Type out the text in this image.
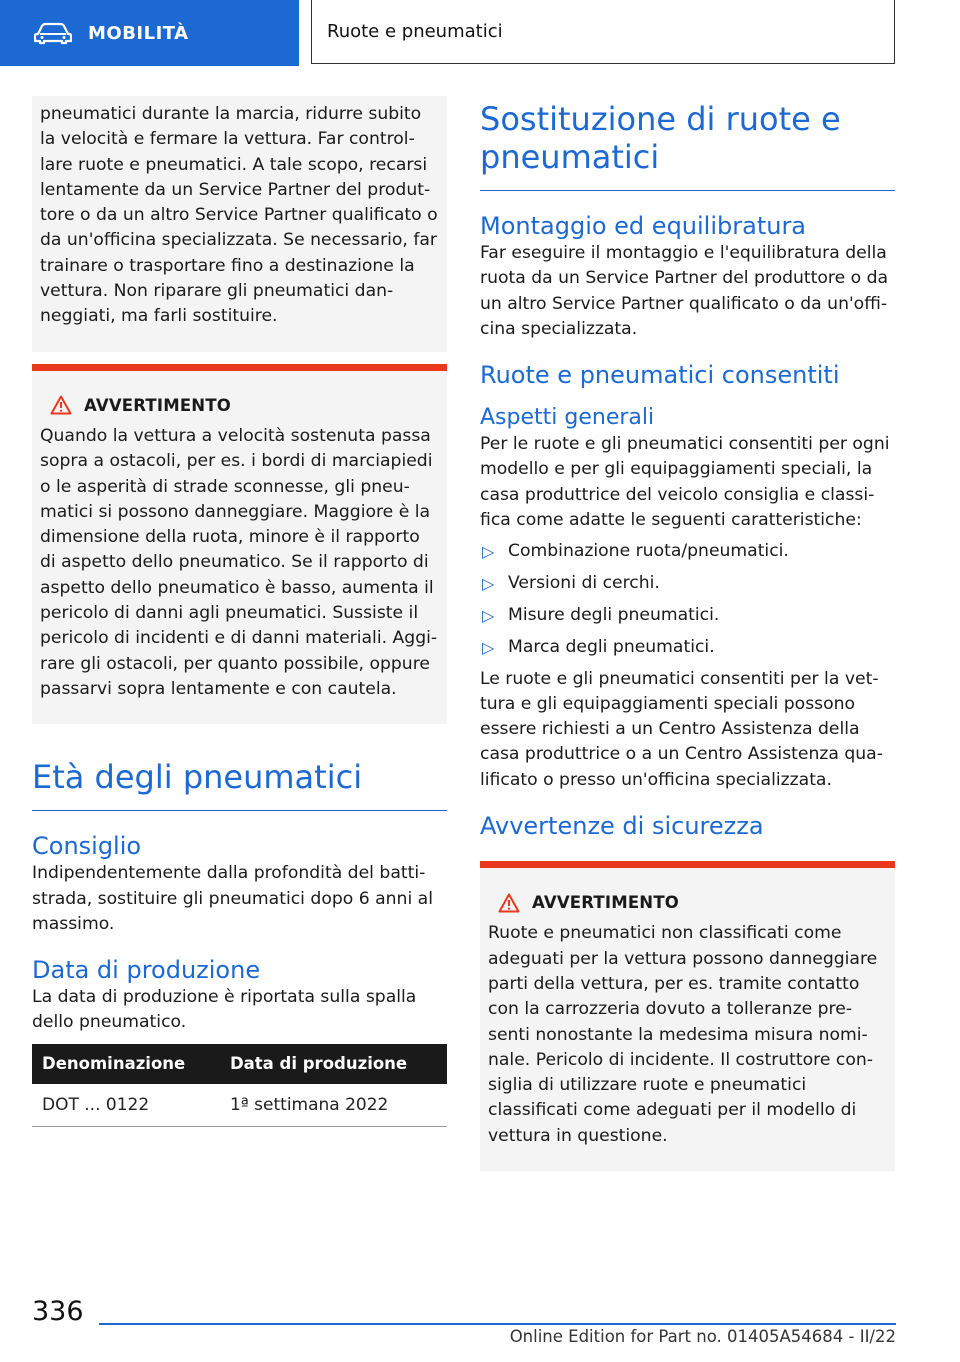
MOBILITÀ	Ruote e pneumatici

pneumatici durante la marcia, ridurre subito la velocità e fermare la vettura. Far controllare ruote e pneumatici. A tale scopo, recarsi lentamente da un Service Partner del produttore o da un altro Service Partner qualificato o da un'officina specializzata. Se necessario, far trainare o trasportare fino a destinazione la vettura. Non riparare gli pneumatici danneggiati, ma farli sostituire.

AVVERTIMENTO

Quando la vettura a velocità sostenuta passa sopra a ostacoli, per es. i bordi di marciapiedi o le asperità di strade sconnesse, gli pneumatici si possono danneggiare. Maggiore è la dimensione della ruota, minore è il rapporto di aspetto dello pneumatico. Se il rapporto di aspetto dello pneumatico è basso, aumenta il pericolo di danni agli pneumatici. Sussiste il pericolo di incidenti e di danni materiali. Aggirare gli ostacoli, per quanto possibile, oppure passarvi sopra lentamente e con cautela.

Età degli pneumatici
Consiglio

Indipendentemente dalla profondità del battistrada, sostituire gli pneumatici dopo 6 anni al massimo.

Data di produzione

La data di produzione è riportata sulla spalla dello pneumatico.

Denominazione	Data di produzione
DOT ... 0122	1ª settimana 2022
Sostituzione di ruote e pneumatici
Montaggio ed equilibratura

Far eseguire il montaggio e l'equilibratura della ruota da un Service Partner del produttore o da un altro Service Partner qualificato o da un'officina specializzata.

Ruote e pneumatici consentiti
Aspetti generali

Per le ruote e gli pneumatici consentiti per ogni modello e per gli equipaggiamenti speciali, la casa produttrice del veicolo consiglia e classifica come adatte le seguenti caratteristiche:

▷ Combinazione ruota/pneumatici.
▷ Versioni di cerchi.
▷ Misure degli pneumatici.
▷ Marca degli pneumatici.

Le ruote e gli pneumatici consentiti per la vettura e gli equipaggiamenti speciali possono essere richiesti a un Centro Assistenza della casa produttrice o a un Centro Assistenza qualificato o presso un'officina specializzata.

Avvertenze di sicurezza
AVVERTIMENTO

Ruote e pneumatici non classificati come adeguati per la vettura possono danneggiare parti della vettura, per es. tramite contatto con la carrozzeria dovuto a tolleranze presenti nonostante la medesima misura nominale. Pericolo di incidente. Il costruttore consiglia di utilizzare ruote e pneumatici classificati come adeguati per il modello di vettura in questione.

336
Online Edition for Part no. 01405A54684 - II/22
